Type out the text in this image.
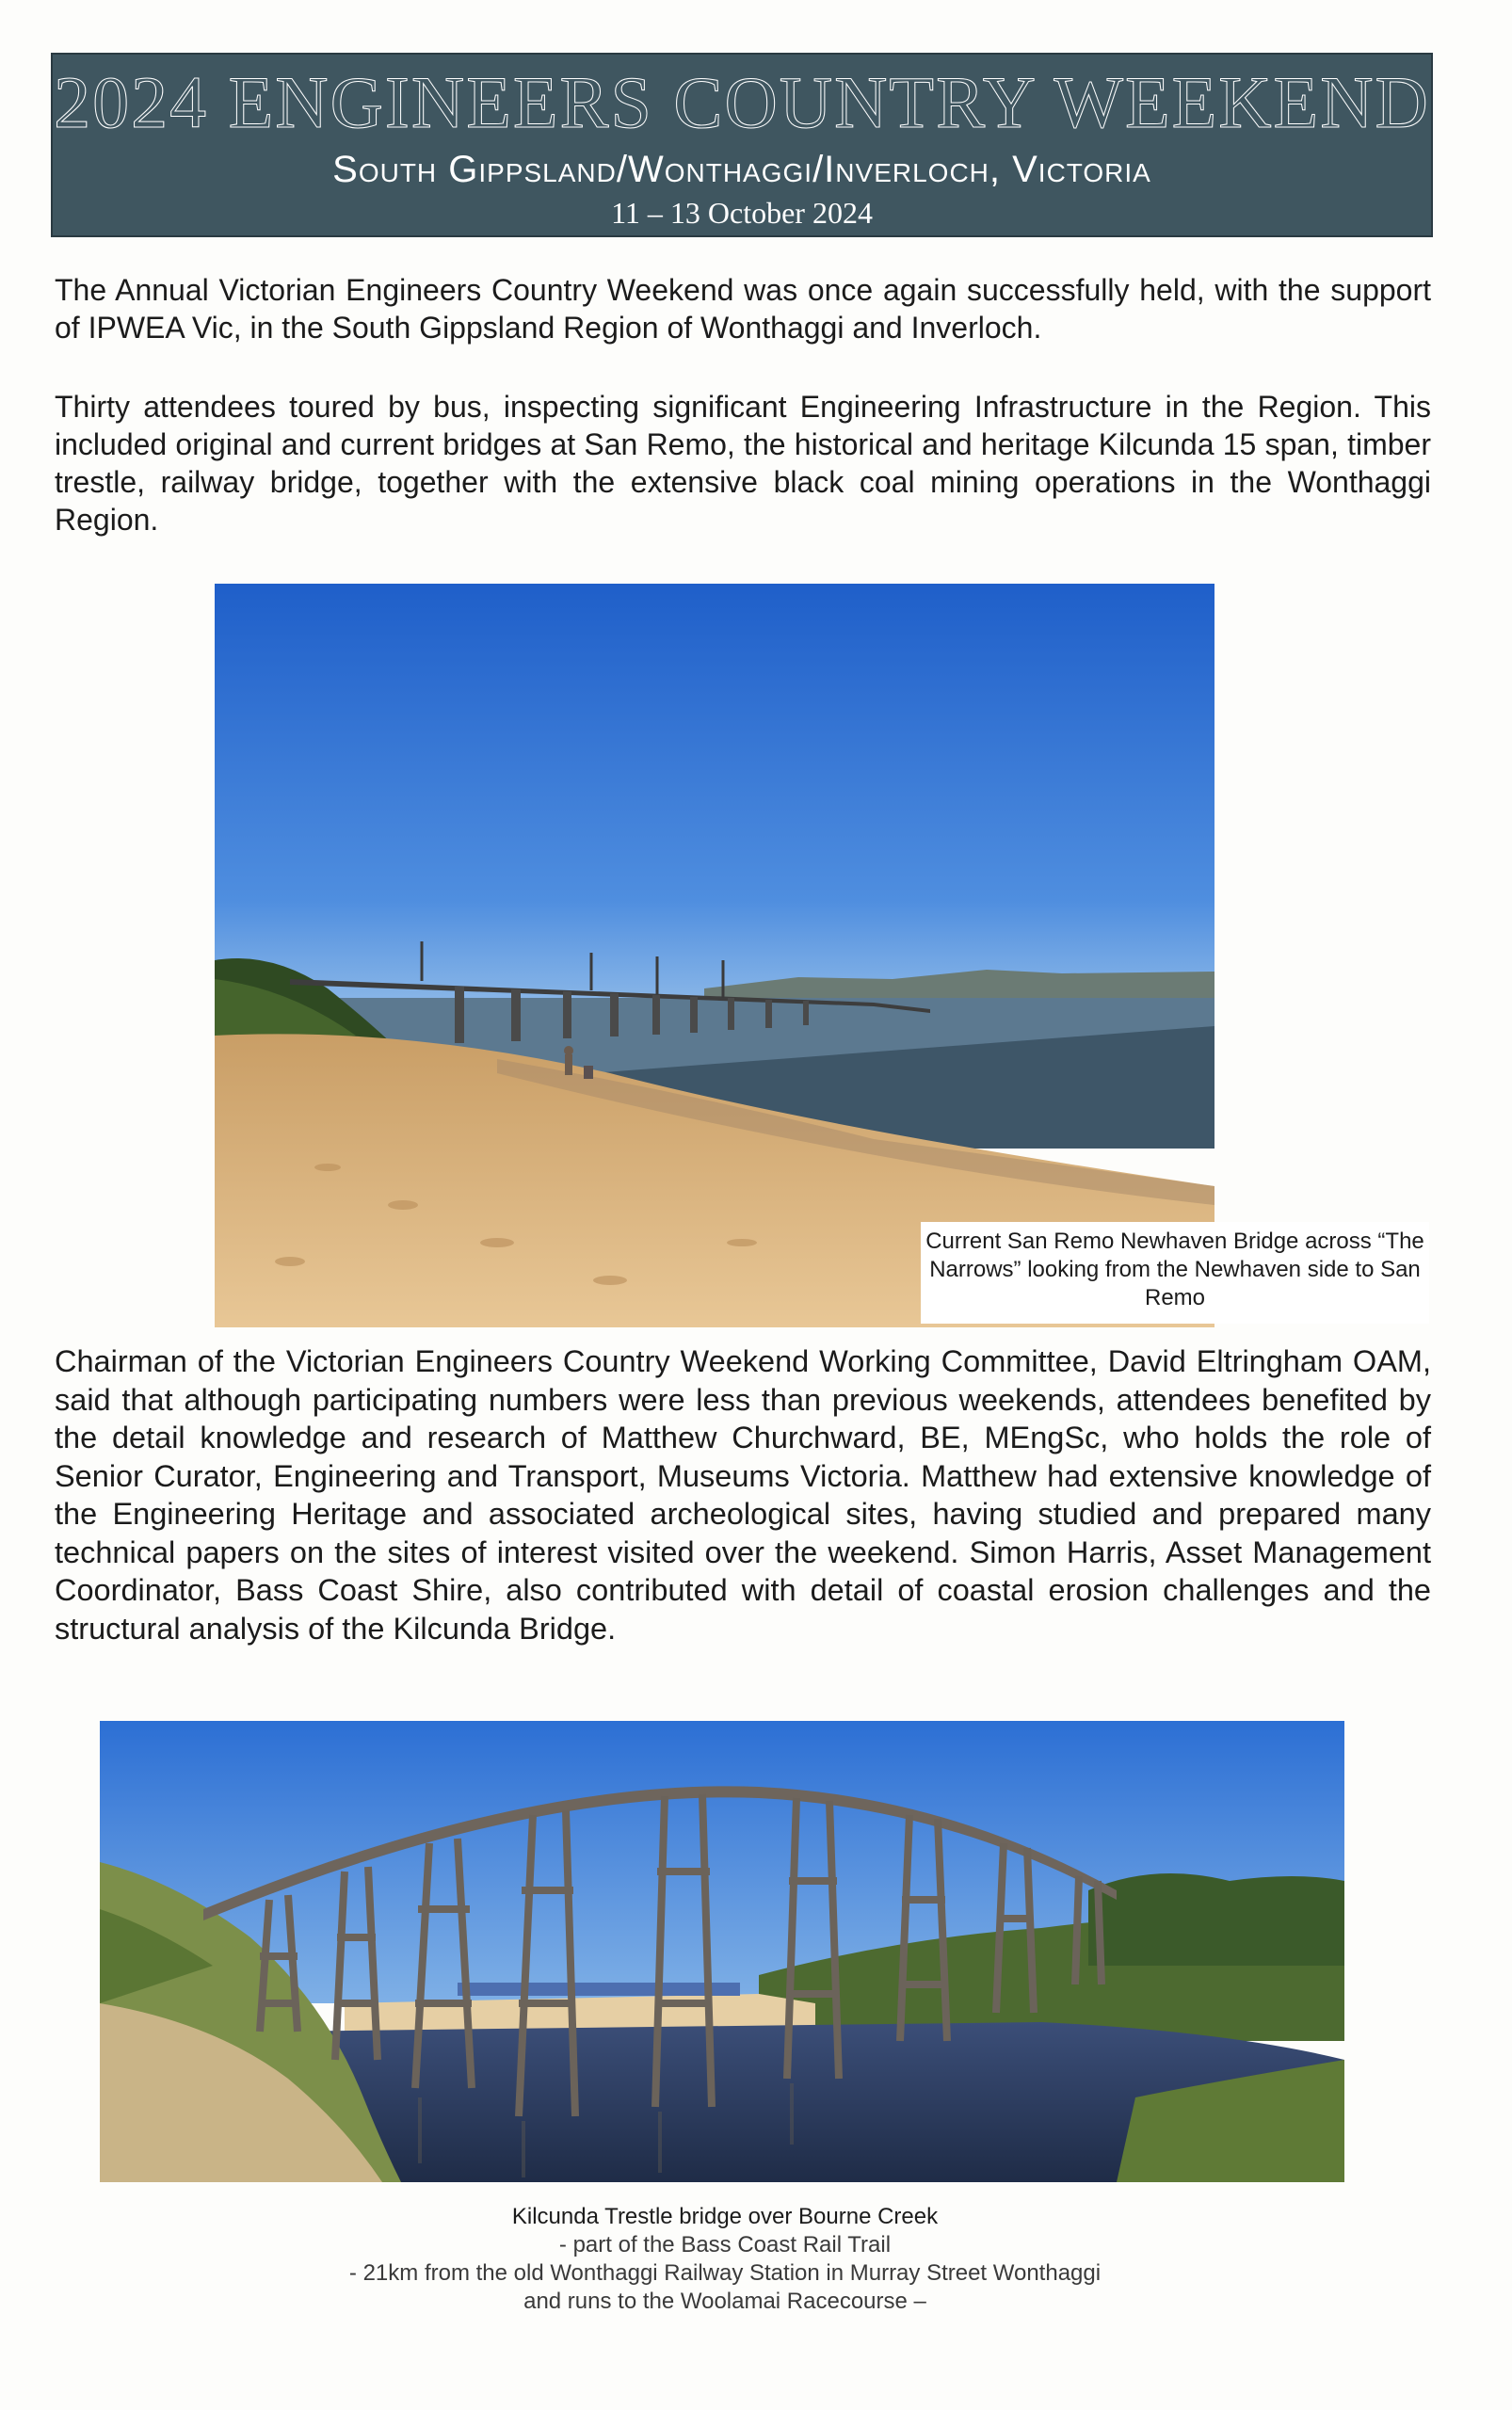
2024 ENGINEERS COUNTRY WEEKEND
South Gippsland/Wonthaggi/Inverloch, Victoria
11 – 13 October 2024

The Annual Victorian Engineers Country Weekend was once again successfully held, with the support of IPWEA Vic, in the South Gippsland Region of Wonthaggi and Inverloch.

Thirty attendees toured by bus, inspecting significant Engineering Infrastructure in the Region. This included original and current bridges at San Remo, the historical and heritage Kilcunda 15 span, timber trestle, railway bridge, together with the extensive black coal mining operations in the Wonthaggi Region.

Current San Remo Newhaven Bridge across “The Narrows” looking from the Newhaven side to San Remo

Chairman of the Victorian Engineers Country Weekend Working Committee, David Eltringham OAM, said that although participating numbers were less than previous weekends, attendees benefited by the detail knowledge and research of Matthew Churchward, BE, MEngSc, who holds the role of Senior Curator, Engineering and Transport, Museums Victoria. Matthew had extensive knowledge of the Engineering Heritage and associated archeological sites, having studied and prepared many technical papers on the sites of interest visited over the weekend. Simon Harris, Asset Management Coordinator, Bass Coast Shire, also contributed with detail of coastal erosion challenges and the structural analysis of the Kilcunda Bridge.

Kilcunda Trestle bridge over Bourne Creek
- part of the Bass Coast Rail Trail
- 21km from the old Wonthaggi Railway Station in Murray Street Wonthaggi
and runs to the Woolamai Racecourse –
